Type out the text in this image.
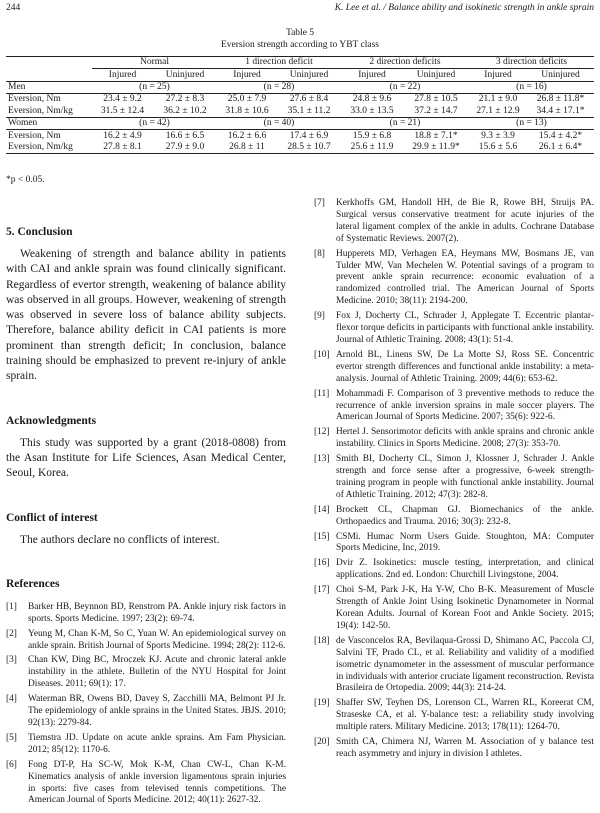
244	K. Lee et al. / Balance ability and isokinetic strength in ankle sprain
Table 5
Eversion strength according to YBT class
	Normal		1 direction deficit		2 direction deficits		3 direction deficits	
	Injured	Uninjured	Injured	Uninjured	Injured	Uninjured	Injured	Uninjured
Men	(n = 25)		(n = 28)		(n = 22)		(n = 16)	
Eversion, Nm	23.4 ± 9.2	27.2 ± 8.3	25.0 ± 7.9	27.6 ± 8.4	24.8 ± 9.6	27.8 ± 10.5	21.1 ± 9.0	26.8 ± 11.8*
Eversion, Nm/kg	31.5 ± 12.4	36.2 ± 10.2	31.8 ± 10.6	35.1 ± 11.2	33.0 ± 13.5	37.2 ± 14.7	27.1 ± 12.9	34.4 ± 17.1*
Women	(n = 42)		(n = 40)		(n = 21)		(n = 13)	
Eversion, Nm	16.2 ± 4.9	16.6 ± 6.5	16.2 ± 6.6	17.4 ± 6.9	15.9 ± 6.8	18.8 ± 7.1*	9.3 ± 3.9	15.4 ± 4.2*
Eversion, Nm/kg	27.8 ± 8.1	27.9 ± 9.0	26.8 ± 11	28.5 ± 10.7	25.6 ± 11.9	29.9 ± 11.9*	15.6 ± 5.6	26.1 ± 6.4*
*p < 0.05.
5. Conclusion

Weakening of strength and balance ability in patients with CAI and ankle sprain was found clinically significant. Regardless of evertor strength, weakening of balance ability was observed in all groups. However, weakening of strength was observed in severe loss of balance ability subjects. Therefore, balance ability deficit in CAI patients is more prominent than strength deficit; In conclusion, balance training should be emphasized to prevent re-injury of ankle sprain.

Acknowledgments

This study was supported by a grant (2018-0808) from the Asan Institute for Life Sciences, Asan Medical Center, Seoul, Korea.

Conflict of interest

The authors declare no conflicts of interest.

References
[1] Barker HB, Beynnon BD, Renstrom PA. Ankle injury risk factors in sports. Sports Medicine. 1997; 23(2): 69-74.
[2] Yeung M, Chan K-M, So C, Yuan W. An epidemiological survey on ankle sprain. British Journal of Sports Medicine. 1994; 28(2): 112-6.
[3] Chan KW, Ding BC, Mroczek KJ. Acute and chronic lateral ankle instability in the athlete. Bulletin of the NYU Hospital for Joint Diseases. 2011; 69(1): 17.
[4] Waterman BR, Owens BD, Davey S, Zacchilli MA, Belmont PJ Jr. The epidemiology of ankle sprains in the United States. JBJS. 2010; 92(13): 2279-84.
[5] Tiemstra JD. Update on acute ankle sprains. Am Fam Physician. 2012; 85(12): 1170-6.
[6] Fong DT-P, Ha SC-W, Mok K-M, Chan CW-L, Chan K-M. Kinematics analysis of ankle inversion ligamentous sprain injuries in sports: five cases from televised tennis competitions. The American Journal of Sports Medicine. 2012; 40(11): 2627-32.
[7] Kerkhoffs GM, Handoll HH, de Bie R, Rowe BH, Struijs PA. Surgical versus conservative treatment for acute injuries of the lateral ligament complex of the ankle in adults. Cochrane Database of Systematic Reviews. 2007(2).
[8] Hupperets MD, Verhagen EA, Heymans MW, Bosmans JE, van Tulder MW, Van Mechelen W. Potential savings of a program to prevent ankle sprain recurrence: economic evaluation of a randomized controlled trial. The American Journal of Sports Medicine. 2010; 38(11): 2194-200.
[9] Fox J, Docherty CL, Schrader J, Applegate T. Eccentric plantar-flexor torque deficits in participants with functional ankle instability. Journal of Athletic Training. 2008; 43(1): 51-4.
[10] Arnold BL, Linens SW, De La Motte SJ, Ross SE. Concentric evertor strength differences and functional ankle instability: a meta-analysis. Journal of Athletic Training. 2009; 44(6): 653-62.
[11] Mohammadi F. Comparison of 3 preventive methods to reduce the recurrence of ankle inversion sprains in male soccer players. The American Journal of Sports Medicine. 2007; 35(6): 922-6.
[12] Hertel J. Sensorimotor deficits with ankle sprains and chronic ankle instability. Clinics in Sports Medicine. 2008; 27(3): 353-70.
[13] Smith BI, Docherty CL, Simon J, Klossner J, Schrader J. Ankle strength and force sense after a progressive, 6-week strength-training program in people with functional ankle instability. Journal of Athletic Training. 2012; 47(3): 282-8.
[14] Brockett CL, Chapman GJ. Biomechanics of the ankle. Orthopaedics and Trauma. 2016; 30(3): 232-8.
[15] CSMi. Humac Norm Users Guide. Stoughton, MA: Computer Sports Medicine, Inc, 2019.
[16] Dvir Z. Isokinetics: muscle testing, interpretation, and clinical applications. 2nd ed. London: Churchill Livingstone, 2004.
[17] Choi S-M, Park J-K, Ha Y-W, Cho B-K. Measurement of Muscle Strength of Ankle Joint Using Isokinetic Dynamometer in Normal Korean Adults. Journal of Korean Foot and Ankle Society. 2015; 19(4): 142-50.
[18] de Vasconcelos RA, Bevilaqua-Grossi D, Shimano AC, Paccola CJ, Salvini TF, Prado CL, et al. Reliability and validity of a modified isometric dynamometer in the assessment of muscular performance in individuals with anterior cruciate ligament reconstruction. Revista Brasileira de Ortopedia. 2009; 44(3): 214-24.
[19] Shaffer SW, Teyhen DS, Lorenson CL, Warren RL, Koreerat CM, Straseske CA, et al. Y-balance test: a reliability study involving multiple raters. Military Medicine. 2013; 178(11): 1264-70.
[20] Smith CA, Chimera NJ, Warren M. Association of y balance test reach asymmetry and injury in division I athletes.
